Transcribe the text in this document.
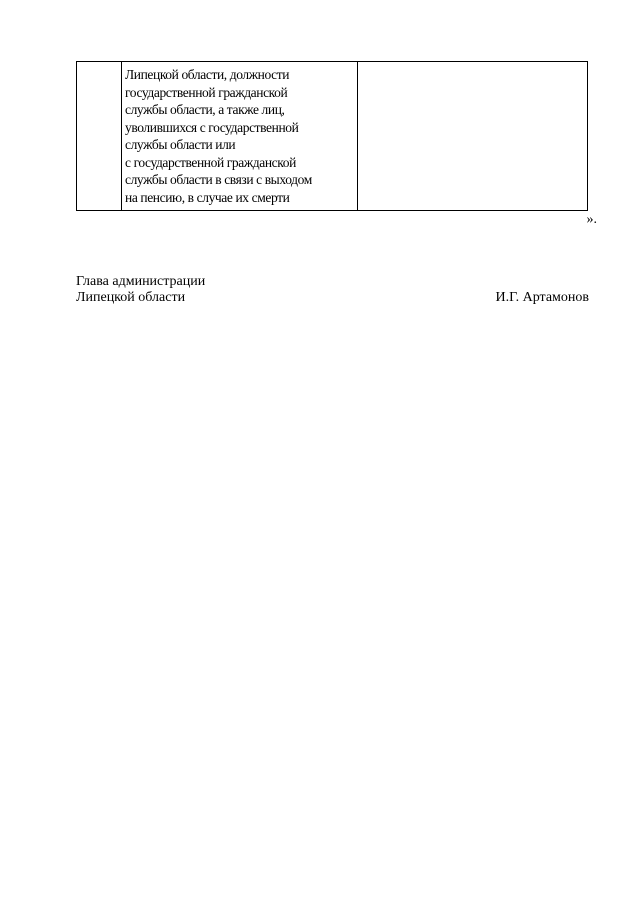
Липецкой области, должности
государственной гражданской
службы области, а также лиц,
уволившихся с государственной
службы области или
с государственной гражданской
службы области в связи с выходом
на пенсию, в случае их смерти

».
Глава администрации
Липецкой области	И.Г. Артамонов
